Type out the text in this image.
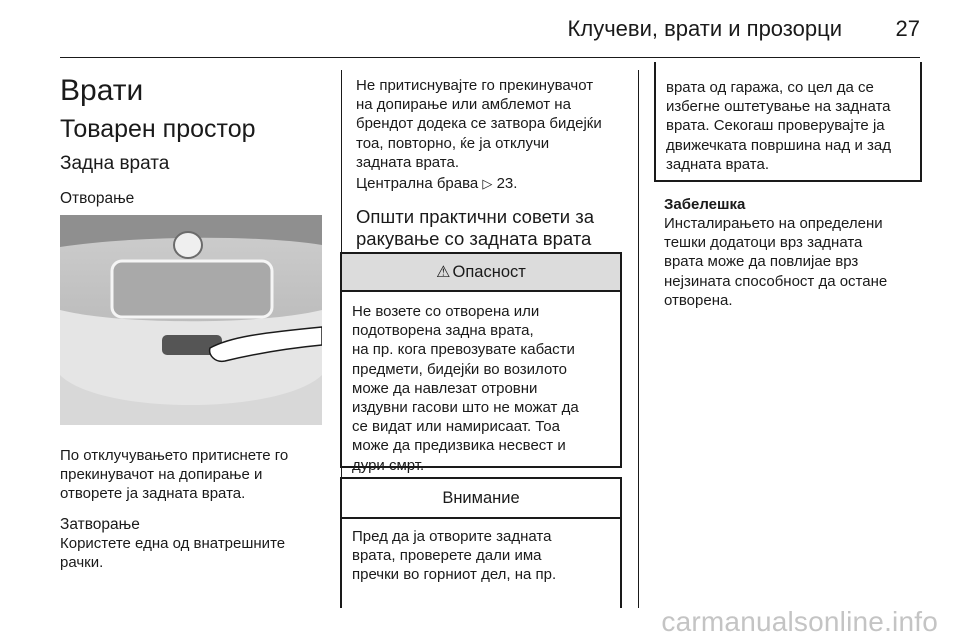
Клучеви, врати и прозорци 27
Врати
Товарен простор
Задна врата
Отворање
По отклучувањето притиснете го
прекинувачот на допирање и
отворете ја задната врата.
Затворање
Користете една од внатрешните
рачки.
Не притиснувајте го прекинувачот
на допирање или амблемот на
брендот додека се затвора бидејќи
тоа, повторно, ќе ја отклучи
задната врата.
Централна брава ▷ 23.
Општи практични совети за
ракување со задната врата
⚠ Опасност
Не возете со отворена или
подотворена задна врата,
на пр. кога превозувате кабасти
предмети, бидејќи во возилото
може да навлезат отровни
издувни гасови што не можат да
се видат или намирисаат. Тоа
може да предизвика несвест и
дури смрт.
Внимание
Пред да ја отворите задната
врата, проверете дали има
пречки во горниот дел, на пр.
врата од гаража, со цел да се
избегне оштетување на задната
врата. Секогаш проверувајте ја
движечката површина над и зад
задната врата.
Забелешка
Инсталирањето на определени
тешки додатоци врз задната
врата може да повлијае врз
нејзината способност да остане
отворена.
carmanualsonline.info
